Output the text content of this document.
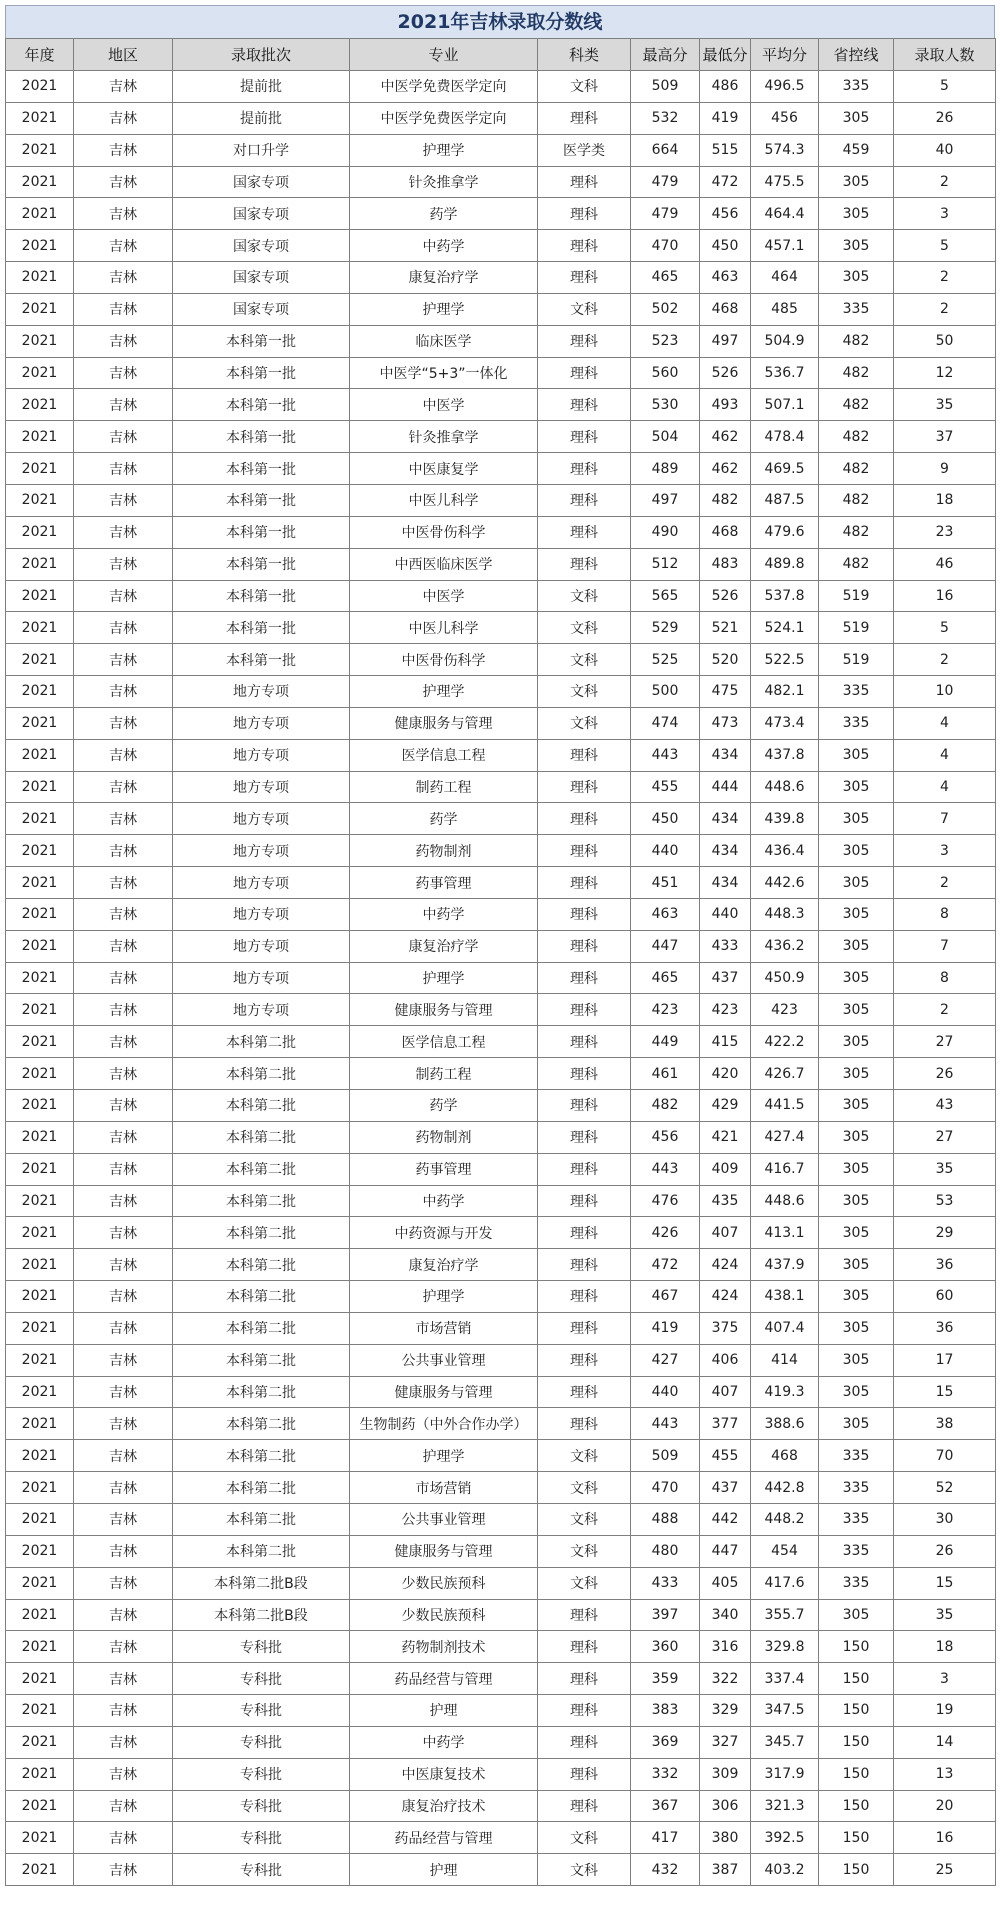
2021年吉林录取分数线
年度	地区	录取批次	专业	科类	最高分	最低分	平均分	省控线	录取人数
2021	吉林	提前批	中医学免费医学定向	文科	509	486	496.5	335	5
2021	吉林	提前批	中医学免费医学定向	理科	532	419	456	305	26
2021	吉林	对口升学	护理学	医学类	664	515	574.3	459	40
2021	吉林	国家专项	针灸推拿学	理科	479	472	475.5	305	2
2021	吉林	国家专项	药学	理科	479	456	464.4	305	3
2021	吉林	国家专项	中药学	理科	470	450	457.1	305	5
2021	吉林	国家专项	康复治疗学	理科	465	463	464	305	2
2021	吉林	国家专项	护理学	文科	502	468	485	335	2
2021	吉林	本科第一批	临床医学	理科	523	497	504.9	482	50
2021	吉林	本科第一批	中医学“5+3”一体化	理科	560	526	536.7	482	12
2021	吉林	本科第一批	中医学	理科	530	493	507.1	482	35
2021	吉林	本科第一批	针灸推拿学	理科	504	462	478.4	482	37
2021	吉林	本科第一批	中医康复学	理科	489	462	469.5	482	9
2021	吉林	本科第一批	中医儿科学	理科	497	482	487.5	482	18
2021	吉林	本科第一批	中医骨伤科学	理科	490	468	479.6	482	23
2021	吉林	本科第一批	中西医临床医学	理科	512	483	489.8	482	46
2021	吉林	本科第一批	中医学	文科	565	526	537.8	519	16
2021	吉林	本科第一批	中医儿科学	文科	529	521	524.1	519	5
2021	吉林	本科第一批	中医骨伤科学	文科	525	520	522.5	519	2
2021	吉林	地方专项	护理学	文科	500	475	482.1	335	10
2021	吉林	地方专项	健康服务与管理	文科	474	473	473.4	335	4
2021	吉林	地方专项	医学信息工程	理科	443	434	437.8	305	4
2021	吉林	地方专项	制药工程	理科	455	444	448.6	305	4
2021	吉林	地方专项	药学	理科	450	434	439.8	305	7
2021	吉林	地方专项	药物制剂	理科	440	434	436.4	305	3
2021	吉林	地方专项	药事管理	理科	451	434	442.6	305	2
2021	吉林	地方专项	中药学	理科	463	440	448.3	305	8
2021	吉林	地方专项	康复治疗学	理科	447	433	436.2	305	7
2021	吉林	地方专项	护理学	理科	465	437	450.9	305	8
2021	吉林	地方专项	健康服务与管理	理科	423	423	423	305	2
2021	吉林	本科第二批	医学信息工程	理科	449	415	422.2	305	27
2021	吉林	本科第二批	制药工程	理科	461	420	426.7	305	26
2021	吉林	本科第二批	药学	理科	482	429	441.5	305	43
2021	吉林	本科第二批	药物制剂	理科	456	421	427.4	305	27
2021	吉林	本科第二批	药事管理	理科	443	409	416.7	305	35
2021	吉林	本科第二批	中药学	理科	476	435	448.6	305	53
2021	吉林	本科第二批	中药资源与开发	理科	426	407	413.1	305	29
2021	吉林	本科第二批	康复治疗学	理科	472	424	437.9	305	36
2021	吉林	本科第二批	护理学	理科	467	424	438.1	305	60
2021	吉林	本科第二批	市场营销	理科	419	375	407.4	305	36
2021	吉林	本科第二批	公共事业管理	理科	427	406	414	305	17
2021	吉林	本科第二批	健康服务与管理	理科	440	407	419.3	305	15
2021	吉林	本科第二批	生物制药（中外合作办学）	理科	443	377	388.6	305	38
2021	吉林	本科第二批	护理学	文科	509	455	468	335	70
2021	吉林	本科第二批	市场营销	文科	470	437	442.8	335	52
2021	吉林	本科第二批	公共事业管理	文科	488	442	448.2	335	30
2021	吉林	本科第二批	健康服务与管理	文科	480	447	454	335	26
2021	吉林	本科第二批B段	少数民族预科	文科	433	405	417.6	335	15
2021	吉林	本科第二批B段	少数民族预科	理科	397	340	355.7	305	35
2021	吉林	专科批	药物制剂技术	理科	360	316	329.8	150	18
2021	吉林	专科批	药品经营与管理	理科	359	322	337.4	150	3
2021	吉林	专科批	护理	理科	383	329	347.5	150	19
2021	吉林	专科批	中药学	理科	369	327	345.7	150	14
2021	吉林	专科批	中医康复技术	理科	332	309	317.9	150	13
2021	吉林	专科批	康复治疗技术	理科	367	306	321.3	150	20
2021	吉林	专科批	药品经营与管理	文科	417	380	392.5	150	16
2021	吉林	专科批	护理	文科	432	387	403.2	150	25
